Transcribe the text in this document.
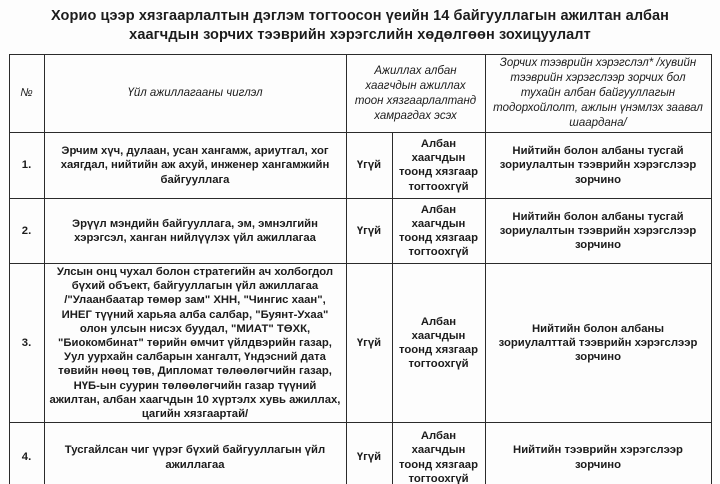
Хорио цээр хязгаарлалтын дэглэм тогтоосон үеийн 14 байгууллагын ажилтан албан хаагчдын зорчих тээврийн хэрэгслийн хөдөлгөөн зохицуулалт
№	Үйл ажиллагааны чиглэл	Ажиллах албан хаагчдын ажиллах тоон хязгаарлалтанд хамрагдах эсэх		Зорчих тээврийн хэрэгслэл* /хувийн тээврийн хэрэгслээр зорчих бол тухайн албан байгууллагын тодорхойлолт, ажлын үнэмлэх заавал шаардана/
1.	Эрчим хүч, дулаан, усан хангамж, ариутгал, хог хаягдал, нийтийн аж ахуй, инженер хангамжийн байгууллага	Үгүй	Албан хаагчдын тоонд хязгаар тогтоохгүй	Нийтийн болон албаны тусгай зориулалтын тээврийн хэрэгслээр зорчино
2.	Эрүүл мэндийн байгууллага, эм, эмнэлгийн хэрэгсэл, ханган нийлүүлэх үйл ажиллагаа	Үгүй	Албан хаагчдын тоонд хязгаар тогтоохгүй	Нийтийн болон албаны тусгай зориулалтын тээврийн хэрэгслээр зорчино
3.	Улсын онц чухал болон стратегийн ач холбогдол бүхий объект, байгууллагын үйл ажиллагаа /"Улаанбаатар төмөр зам" ХНН, "Чингис хаан", ИНЕГ түүний харьяа алба салбар, "Буянт-Ухаа" олон улсын нисэх буудал, "МИАТ" ТӨХК, "Биокомбинат" төрийн өмчит үйлдвэрийн газар, Уул уурхайн салбарын хангалт, Үндэсний дата төвийн нөөц төв, Дипломат төлөөлөгчийн газар, НҮБ-ын суурин төлөөлөгчийн газар түүний ажилтан, албан хаагчдын 10 хүртэлх хувь ажиллах, цагийн хязгаартай/	Үгүй	Албан хаагчдын тоонд хязгаар тогтоохгүй	Нийтийн болон албаны зориулалттай тээврийн хэрэгслээр зорчино
4.	Тусгайлсан чиг үүрэг бүхий байгууллагын үйл ажиллагаа	Үгүй	Албан хаагчдын тоонд хязгаар тогтоохгүй	Нийтийн тээврийн хэрэгслээр зорчино
